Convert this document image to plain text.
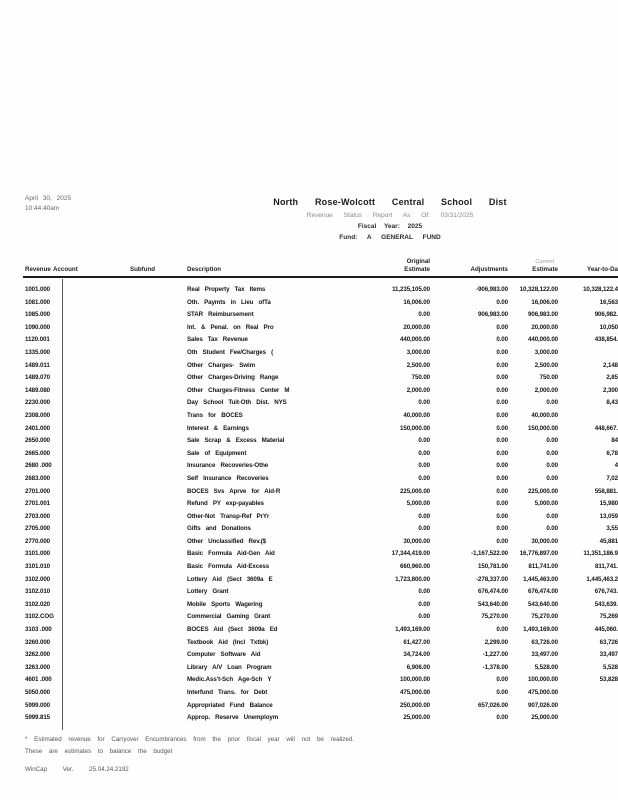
April 30, 2025
10:44:40am
North Rose-Wolcott Central School Dist
Revenue Status Report As Of: 03/31/2025
Fiscal Year: 2025
Fund: A GENERAL FUND
Revenue Account	Subfund	Description
Original
Estimate	Adjustments
Current
Estimate	Year-to-Da
1001.000	Real Property Tax Items	11,235,105.00	-906,983.00	10,328,122.00	10,328,122.4
1081.000	Oth. Paymts in Lieu ofTa	16,006.00	0.00	16,006.00	16,563
1085.000	STAR Reimbursement	0.00	906,983.00	906,983.00	906,982.
1090.000	Int. & Penal. on Real Pro	20,000.00	0.00	20,000.00	10,050
1120.001	Sales Tax Revenue	440,000.00	0.00	440,000.00	438,854.
1335.000	Oth Student Fee/Charges (	3,000.00	0.00	3,000.00
1489.011	Other Charges- Swim	2,500.00	0.00	2,500.00	2,148
1489.070	Other Charges-Driving Range	750.00	0.00	750.00	2,85
1489.080	Other Charges-Fitness Center M	2,000.00	0.00	2,000.00	2,300
2230.000	Day School Tuit-Oth Dist. NYS	0.00	0.00	0.00	8,43
2308.000	Trans for BOCES	40,000.00	0.00	40,000.00
2401.000	Interest & Earnings	150,000.00	0.00	150,000.00	448,667.
2650.000	Sale Scrap & Excess Material	0.00	0.00	0.00	84
2665.000	Sale of Equipment	0.00	0.00	0.00	6,78
2680 .000	Insurance Recoveries-Othe	0.00	0.00	0.00	4
2683.000	Self Insurance Recoveries	0.00	0.00	0.00	7,02
2701.000	BOCES Svs Aprve for Aid-R	225,000.00	0.00	225,000.00	558,881.
2701.001	Refund PY exp-payables	5,000.00	0.00	5,000.00	15,980
2703.000	Other-Not Transp-Ref PrYr	0.00	0.00	0.00	13,059
2705.000	Gifts and Donations	0.00	0.00	0.00	3,55
2770.000	Other Unclassified Rev.($	30,000.00	0.00	30,000.00	45,881
3101.000	Basic Formula Aid-Gen Aid	17,344,419.00	-1,167,522.00	16,776,897.00	11,351,186.9
3101.010	Basic Formula Aid-Excess	660,960.00	150,781.00	811,741.00	811,741.
3102.000	Lottery Aid (Sect 3609a E	1,723,800.00	-278,337.00	1,445,463.00	1,445,463.2
3102.010	Lottery Grant	0.00	676,474.00	676,474.00	676,743.
3102.020	Mobile Sports Wagering	0.00	543,640.00	543,640.00	543,639.
3102.COG	Commercial Gaming Grant	0.00	75,270.00	75,270.00	75,269
3103 .000	BOCES Aid (Sect 3609a Ed	1,493,169.00	0.00	1,493,169.00	445,060.
3260.000	Textbook Aid (Incl Txtbk)	61,427.00	2,299.00	63,726.00	63,726
3262.000	Computer Software Aid	34,724.00	-1,227.00	33,497.00	33,497
3263.000	Library A/V Loan Program	6,906.00	-1,378.00	5,528.00	5,528
4601 .000	Medic.Ass't-Sch Age-Sch Y	100,000.00	0.00	100,000.00	53,828
5050.000	Interfund Trans. for Debt	475,000.00	0.00	475,000.00
5999.000	Appropriated Fund Balance	250,000.00	657,026.00	907,026.00
5999.815	Approp. Reserve Unemploym	25,000.00	0.00	25,000.00
* Estimated revenue for Carryover Encumbrances from the prior fiscal year will not be realized.
These are estimates to balance the budget
WinCap	Ver.	25.04.24.2192
